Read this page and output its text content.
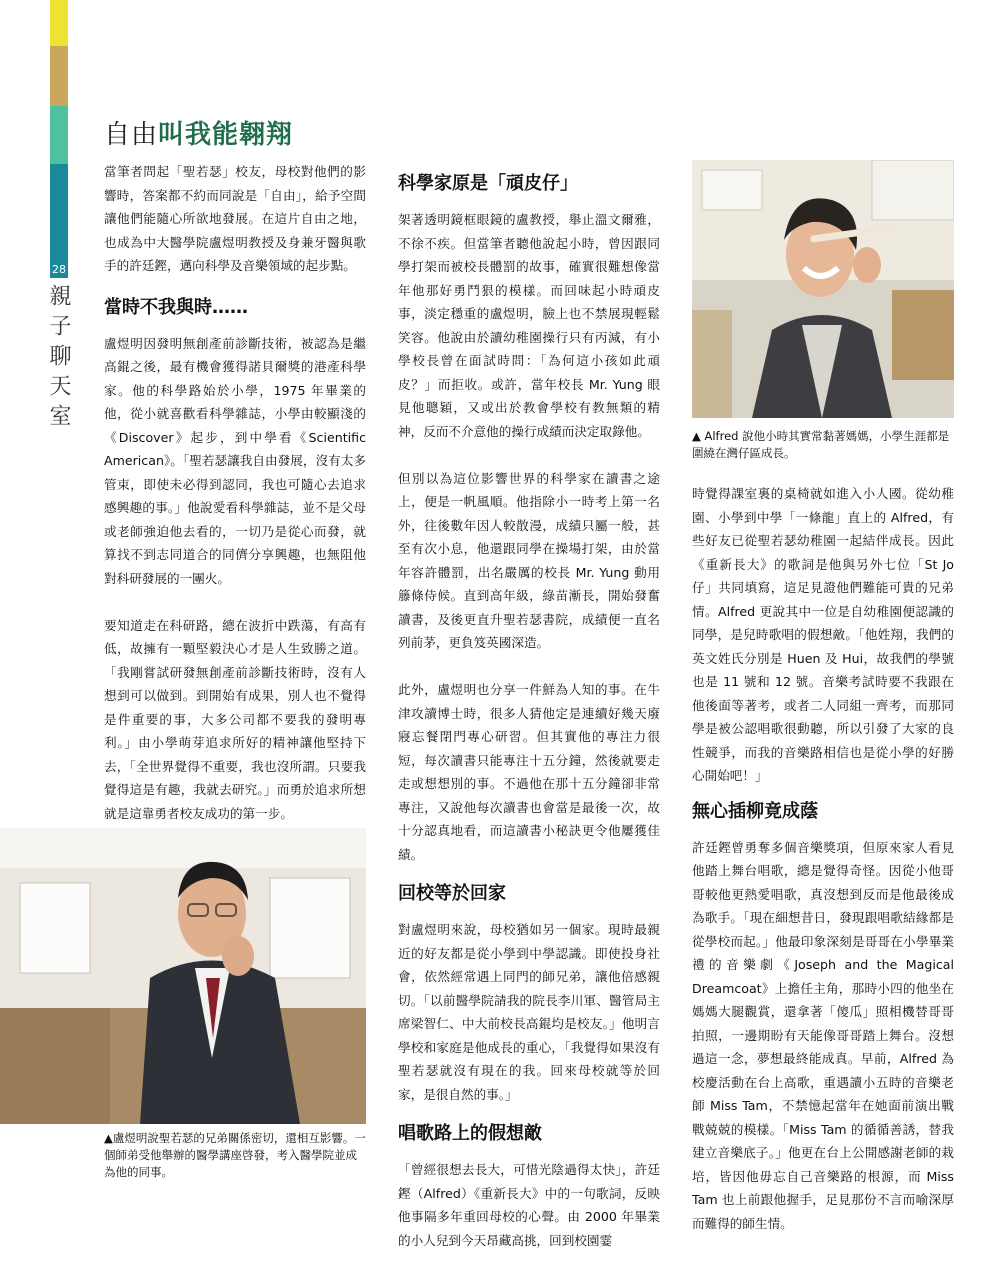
28
親子聊天室
自由叫我能翱翔

當筆者問起「聖若瑟」校友，母校對他們的影響時，答案都不約而同說是「自由」，給予空間讓他們能隨心所欲地發展。在這片自由之地，也成為中大醫學院盧煜明教授及身兼牙醫與歌手的許廷鏗，邁向科學及音樂領域的起步點。

當時不我與時……

盧煜明因發明無創產前診斷技術，被認為是繼高錕之後，最有機會獲得諾貝爾獎的港產科學家。他的科學路始於小學，1975 年畢業的他，從小就喜歡看科學雜誌，小學由較顯淺的《Discover》起步，到中學看《Scientific American》。「聖若瑟讓我自由發展，沒有太多管束，即使未必得到認同，我也可隨心去追求感興趣的事。」他說愛看科學雜誌，並不是父母或老師強迫他去看的，一切乃是從心而發，就算找不到志同道合的同儕分享興趣，也無阻他對科研發展的一團火。

要知道走在科研路，總在波折中跌蕩，有高有低，故擁有一顆堅毅決心才是人生致勝之道。「我剛嘗試研發無創產前診斷技術時，沒有人想到可以做到。到開始有成果，別人也不覺得是件重要的事，大多公司都不要我的發明專利。」由小學萌芽追求所好的精神讓他堅持下去，「全世界覺得不重要，我也沒所謂。只要我覺得這是有趣，我就去研究。」而勇於追求所想就是這靠勇者校友成功的第一步。

科學家原是「頑皮仔」

架著透明鏡框眼鏡的盧教授，舉止溫文爾雅，不徐不疾。但當筆者聽他說起小時，曾因跟同學打架而被校長體罰的故事，確實很難想像當年他那好勇鬥狠的模樣。而回味起小時頑皮事，淡定穩重的盧煜明，臉上也不禁展現輕鬆笑容。他說由於讀幼稚園操行只有丙減，有小學校長曾在面試時問：「為何這小孩如此頑皮？」而拒收。或許，當年校長 Mr. Yung 眼見他聰穎，又或出於教會學校有教無類的精神，反而不介意他的操行成績而決定取錄他。

但別以為這位影響世界的科學家在讀書之途上，便是一帆風順。他指除小一時考上第一名外，往後數年因人較散漫，成績只屬一般，甚至有次小息，他還跟同學在操場打架，由於當年容許體罰，出名嚴厲的校長 Mr. Yung 動用籐條侍候。直到高年級，綠苗漸長，開始發奮讀書，及後更直升聖若瑟書院，成績便一直名列前茅，更負笈英國深造。

此外，盧煜明也分享一件鮮為人知的事。在牛津攻讀博士時，很多人猜他定是連續好幾天廢寢忘餐閉門專心研習。但其實他的專注力很短，每次讀書只能專注十五分鐘，然後就要走走或想想別的事。不過他在那十五分鐘卻非常專注，又說他每次讀書也會當是最後一次，故十分認真地看，而這讀書小秘訣更令他屢獲佳績。

回校等於回家

對盧煜明來說，母校猶如另一個家。現時最親近的好友都是從小學到中學認識。即使投身社會，依然經常遇上同門的師兄弟，讓他倍感親切。「以前醫學院請我的院長李川軍、醫管局主席梁智仁、中大前校長高錕均是校友。」他明言學校和家庭是他成長的重心，「我覺得如果沒有聖若瑟就沒有現在的我。回來母校就等於回家，是很自然的事。」

唱歌路上的假想敵

「曾經很想去長大，可惜光陰過得太快」，許廷鏗（Alfred）《重新長大》中的一句歌詞，反映他事隔多年重回母校的心聲。由 2000 年畢業的小人兒到今天昂藏高挑，回到校園霎

時覺得課室裏的桌椅就如進入小人國。從幼稚園、小學到中學「一條龍」直上的 Alfred，有些好友已從聖若瑟幼稚園一起結伴成長。因此《重新長大》的歌詞是他與另外七位「St Jo 仔」共同填寫，這足見證他們難能可貴的兄弟情。Alfred 更說其中一位是自幼稚園便認識的同學，是兒時歌唱的假想敵。「他姓翔，我們的英文姓氏分別是 Huen 及 Hui，故我們的學號也是 11 號和 12 號。音樂考試時要不我跟在他後面等著考，或者二人同組一齊考，而那同學是被公認唱歌很動聽，所以引發了大家的良性競爭，而我的音樂路相信也是從小學的好勝心開始吧！」

無心插柳竟成蔭

許廷鏗曾勇奪多個音樂獎項，但原來家人看見他踏上舞台唱歌，總是覺得奇怪。因從小他哥哥較他更熱愛唱歌，真沒想到反而是他最後成為歌手。「現在細想昔日，發現跟唱歌結緣都是從學校而起。」他最印象深刻是哥哥在小學畢業禮的音樂劇《Joseph and the Magical Dreamcoat》上擔任主角，那時小四的他坐在媽媽大腿觀賞，還拿著「傻瓜」照相機替哥哥拍照，一邊期盼有天能像哥哥踏上舞台。沒想過這一念，夢想最終能成真。早前，Alfred 為校慶活動在台上高歌，重遇讀小五時的音樂老師 Miss Tam，不禁憶起當年在她面前演出戰戰兢兢的模樣。「Miss Tam 的循循善誘，替我建立音樂底子。」他更在台上公開感謝老師的栽培，皆因他毋忘自己音樂路的根源，而 Miss Tam 也上前跟他握手，足見那份不言而喻深厚而難得的師生情。

▲ Alfred 說他小時其實常黏著媽媽，小學生涯都是圍繞在灣仔區成長。
▲盧煜明說聖若瑟的兄弟關係密切，還相互影響。一個師弟受他舉辦的醫學講座啓發，考入醫學院並成為他的同事。
